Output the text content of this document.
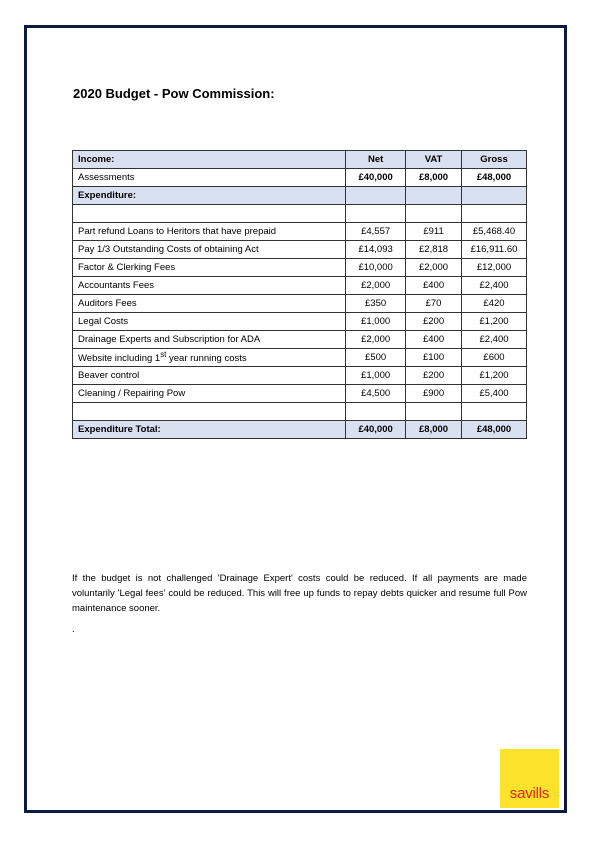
2020 Budget - Pow Commission:
Income:	Net	VAT	Gross
Assessments	£40,000	£8,000	£48,000
Expenditure:			

Part refund Loans to Heritors that have prepaid	£4,557	£911	£5,468.40
Pay 1/3 Outstanding Costs of obtaining Act	£14,093	£2,818	£16,911.60
Factor & Clerking Fees	£10,000	£2,000	£12,000
Accountants Fees	£2,000	£400	£2,400
Auditors Fees	£350	£70	£420
Legal Costs	£1,000	£200	£1,200
Drainage Experts and Subscription for ADA	£2,000	£400	£2,400
Website including 1st year running costs	£500	£100	£600
Beaver control	£1,000	£200	£1,200
Cleaning / Repairing Pow	£4,500	£900	£5,400

Expenditure Total:	£40,000	£8,000	£48,000

If the budget is not challenged 'Drainage Expert' costs could be reduced. If all payments are made voluntarily 'Legal fees' could be reduced. This will free up funds to repay debts quicker and resume full Pow maintenance sooner.

.

savills
